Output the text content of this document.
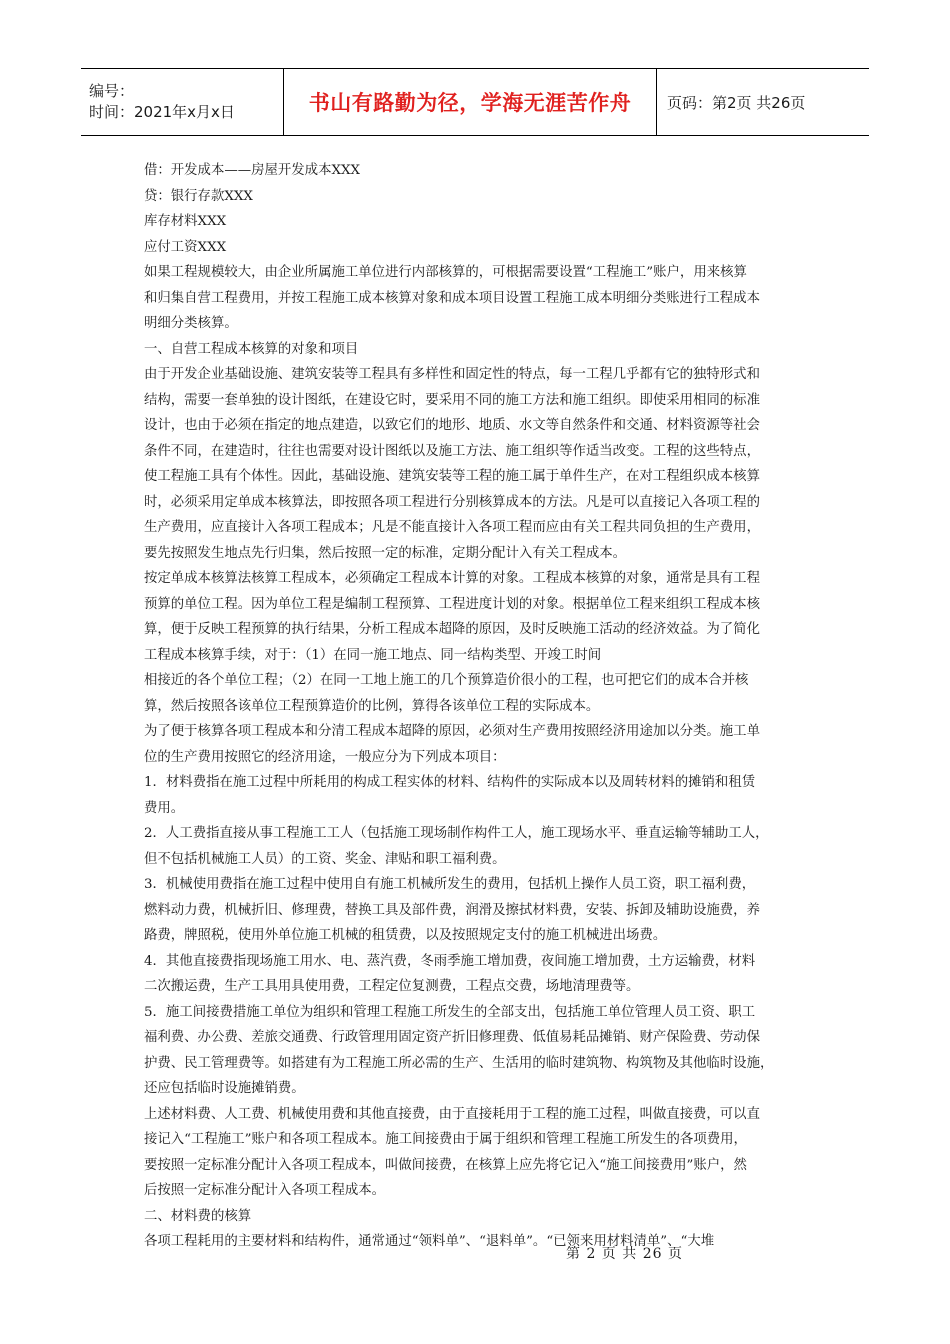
编号：
时间：2021年x月x日	书山有路勤为径，学海无涯苦作舟 页码：第2页 共26页

借：开发成本——房屋开发成本XXX

贷：银行存款XXX

库存材料XXX

应付工资XXX

如果工程规模较大，由企业所属施工单位进行内部核算的，可根据需要设置“工程施工”账户，用来核算

和归集自营工程费用，并按工程施工成本核算对象和成本项目设置工程施工成本明细分类账进行工程成本

明细分类核算。

一、自营工程成本核算的对象和项目

由于开发企业基础设施、建筑安装等工程具有多样性和固定性的特点，每一工程几乎都有它的独特形式和

结构，需要一套单独的设计图纸，在建设它时，要采用不同的施工方法和施工组织。即使采用相同的标准

设计，也由于必须在指定的地点建造，以致它们的地形、地质、水文等自然条件和交通、材料资源等社会

条件不同，在建造时，往往也需要对设计图纸以及施工方法、施工组织等作适当改变。工程的这些特点，

使工程施工具有个体性。因此，基础设施、建筑安装等工程的施工属于单件生产，在对工程组织成本核算

时，必须采用定单成本核算法，即按照各项工程进行分别核算成本的方法。凡是可以直接记入各项工程的

生产费用，应直接计入各项工程成本；凡是不能直接计入各项工程而应由有关工程共同负担的生产费用，

要先按照发生地点先行归集，然后按照一定的标准，定期分配计入有关工程成本。

按定单成本核算法核算工程成本，必须确定工程成本计算的对象。工程成本核算的对象，通常是具有工程

预算的单位工程。因为单位工程是编制工程预算、工程进度计划的对象。根据单位工程来组织工程成本核

算，便于反映工程预算的执行结果，分析工程成本超降的原因，及时反映施工活动的经济效益。为了简化

工程成本核算手续，对于：（1）在同一施工地点、同一结构类型、开竣工时间

相接近的各个单位工程；（2）在同一工地上施工的几个预算造价很小的工程，也可把它们的成本合并核

算，然后按照各该单位工程预算造价的比例，算得各该单位工程的实际成本。

为了便于核算各项工程成本和分清工程成本超降的原因，必须对生产费用按照经济用途加以分类。施工单

位的生产费用按照它的经济用途，一般应分为下列成本项目：

1．材料费指在施工过程中所耗用的构成工程实体的材料、结构件的实际成本以及周转材料的摊销和租赁

费用。

2．人工费指直接从事工程施工工人（包括施工现场制作构件工人，施工现场水平、垂直运输等辅助工人，

但不包括机械施工人员）的工资、奖金、津贴和职工福利费。

3．机械使用费指在施工过程中使用自有施工机械所发生的费用，包括机上操作人员工资，职工福利费，

燃料动力费，机械折旧、修理费，替换工具及部件费，润滑及擦拭材料费，安装、拆卸及辅助设施费，养

路费，牌照税，使用外单位施工机械的租赁费，以及按照规定支付的施工机械进出场费。

4．其他直接费指现场施工用水、电、蒸汽费，冬雨季施工增加费，夜间施工增加费，土方运输费，材料

二次搬运费，生产工具用具使用费，工程定位复测费，工程点交费，场地清理费等。

5．施工间接费措施工单位为组织和管理工程施工所发生的全部支出，包括施工单位管理人员工资、职工

福利费、办公费、差旅交通费、行政管理用固定资产折旧修理费、低值易耗品摊销、财产保险费、劳动保

护费、民工管理费等。如搭建有为工程施工所必需的生产、生活用的临时建筑物、构筑物及其他临时设施，

还应包括临时设施摊销费。

上述材料费、人工费、机械使用费和其他直接费，由于直接耗用于工程的施工过程，叫做直接费，可以直

接记入“工程施工”账户和各项工程成本。施工间接费由于属于组织和管理工程施工所发生的各项费用，

要按照一定标准分配计入各项工程成本，叫做间接费，在核算上应先将它记入“施工间接费用”账户，然

后按照一定标准分配计入各项工程成本。

二、材料费的核算

各项工程耗用的主要材料和结构件，通常通过“领料单”、“退料单”。“已领来用材料清单”、“大堆

第 2 页 共 26 页
